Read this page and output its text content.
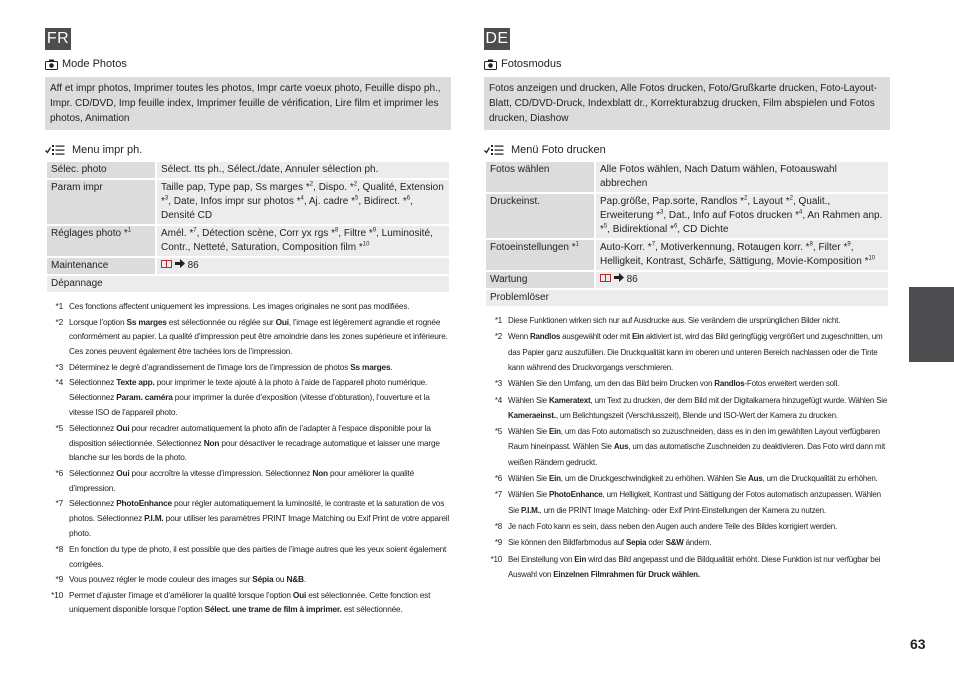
FR
Mode Photos
Aff et impr photos, Imprimer toutes les photos, Impr carte voeux photo, Feuille dispo ph., Impr. CD/DVD, Imp feuille index, Imprimer feuille de vérification, Lire film et imprimer les photos, Animation
Menu impr ph.
Sélec. photo	Sélect. tts ph., Sélect./date, Annuler sélection ph.
Param impr	Taille pap, Type pap, Ss marges *$^2$, Dispo. *$^2$, Qualité, Extension *$^3$, Date, Infos impr sur photos *$^4$, Aj. cadre *$^5$, Bidirect. *$^6$, Densité CD
Réglages photo *$^1$	Amél. *$^7$, Détection scène, Corr yx rgs *$^8$, Filtre *$^9$, Luminosité, Contr., Netteté, Saturation, Composition film *$^{10}$
Maintenance	86
Dépannage	
*1 Ces fonctions affectent uniquement les impressions. Les images originales ne sont pas modifiées.
*2 Lorsque l’option Ss marges est sélectionnée ou réglée sur Oui, l’image est légèrement agrandie et rognée conformément au papier. La qualité d’impression peut être amoindrie dans les zones supérieure et inférieure. Ces zones peuvent également être tachées lors de l’impression.
*3 Déterminez le degré d’agrandissement de l’image lors de l’impression de photos Ss marges.
*4 Sélectionnez Texte app. pour imprimer le texte ajouté à la photo à l’aide de l’appareil photo numérique. Sélectionnez Param. caméra pour imprimer la durée d’exposition (vitesse d’obturation), l’ouverture et la vitesse ISO de l’appareil photo.
*5 Sélectionnez Oui pour recadrer automatiquement la photo afin de l’adapter à l’espace disponible pour la disposition sélectionnée. Sélectionnez Non pour désactiver le recadrage automatique et laisser une marge blanche sur les bords de la photo.
*6 Sélectionnez Oui pour accroître la vitesse d’impression. Sélectionnez Non pour améliorer la qualité d’impression.
*7 Sélectionnez PhotoEnhance pour régler automatiquement la luminosité, le contraste et la saturation de vos photos. Sélectionnez P.I.M. pour utiliser les paramètres PRINT Image Matching ou Exif Print de votre appareil photo.
*8 En fonction du type de photo, il est possible que des parties de l’image autres que les yeux soient également corrigées.
*9 Vous pouvez régler le mode couleur des images sur Sépia ou N&B.
*10 Permet d’ajuster l’image et d’améliorer la qualité lorsque l’option Oui est sélectionnée. Cette fonction est uniquement disponible lorsque l’option Sélect. une trame de film à imprimer. est sélectionnée.
DE
Fotosmodus
Fotos anzeigen und drucken, Alle Fotos drucken, Foto/Grußkarte drucken, Foto-Layout-Blatt, CD/DVD-Druck, Indexblatt dr., Korrekturabzug drucken, Film abspielen und Fotos drucken, Diashow
Menü Foto drucken
Fotos wählen	Alle Fotos wählen, Nach Datum wählen, Fotoauswahl abbrechen
Druckeinst.	Pap.größe, Pap.sorte, Randlos *$^2$, Layout *$^2$, Qualit., Erweiterung *$^3$, Dat., Info auf Fotos drucken *$^4$, An Rahmen anp. *$^5$, Bidirektional *$^6$, CD Dichte
Fotoeinstellungen *$^1$	Auto-Korr. *$^7$, Motiverkennung, Rotaugen korr. *$^8$, Filter *$^9$, Helligkeit, Kontrast, Schärfe, Sättigung, Movie-Komposition *$^{10}$
Wartung	86
Problemlöser	
*1 Diese Funktionen wirken sich nur auf Ausdrucke aus. Sie verändern die ursprünglichen Bilder nicht.
*2 Wenn Randlos ausgewählt oder mit Ein aktiviert ist, wird das Bild geringfügig vergrößert und zugeschnitten, um das Papier ganz auszufüllen. Die Druckqualität kann im oberen und unteren Bereich nachlassen oder die Tinte kann während des Druckvorgangs verschmieren.
*3 Wählen Sie den Umfang, um den das Bild beim Drucken von Randlos-Fotos erweitert werden soll.
*4 Wählen Sie Kameratext, um Text zu drucken, der dem Bild mit der Digitalkamera hinzugefügt wurde. Wählen Sie Kameraeinst., um Belichtungszeit (Verschlusszeit), Blende und ISO-Wert der Kamera zu drucken.
*5 Wählen Sie Ein, um das Foto automatisch so zuzuschneiden, dass es in den im gewählten Layout verfügbaren Raum hineinpasst. Wählen Sie Aus, um das automatische Zuschneiden zu deaktivieren. Das Foto wird dann mit weißen Rändern gedruckt.
*6 Wählen Sie Ein, um die Druckgeschwindigkeit zu erhöhen. Wählen Sie Aus, um die Druckqualität zu erhöhen.
*7 Wählen Sie PhotoEnhance, um Helligkeit, Kontrast und Sättigung der Fotos automatisch anzupassen. Wählen Sie P.I.M., um die PRINT Image Matching- oder Exif Print-Einstellungen der Kamera zu nutzen.
*8 Je nach Foto kann es sein, dass neben den Augen auch andere Teile des Bildes korrigiert werden.
*9 Sie können den Bildfarbmodus auf Sepia oder S&W ändern.
*10 Bei Einstellung von Ein wird das Bild angepasst und die Bildqualität erhöht. Diese Funktion ist nur verfügbar bei Auswahl von Einzelnen Filmrahmen für Druck wählen.
63
